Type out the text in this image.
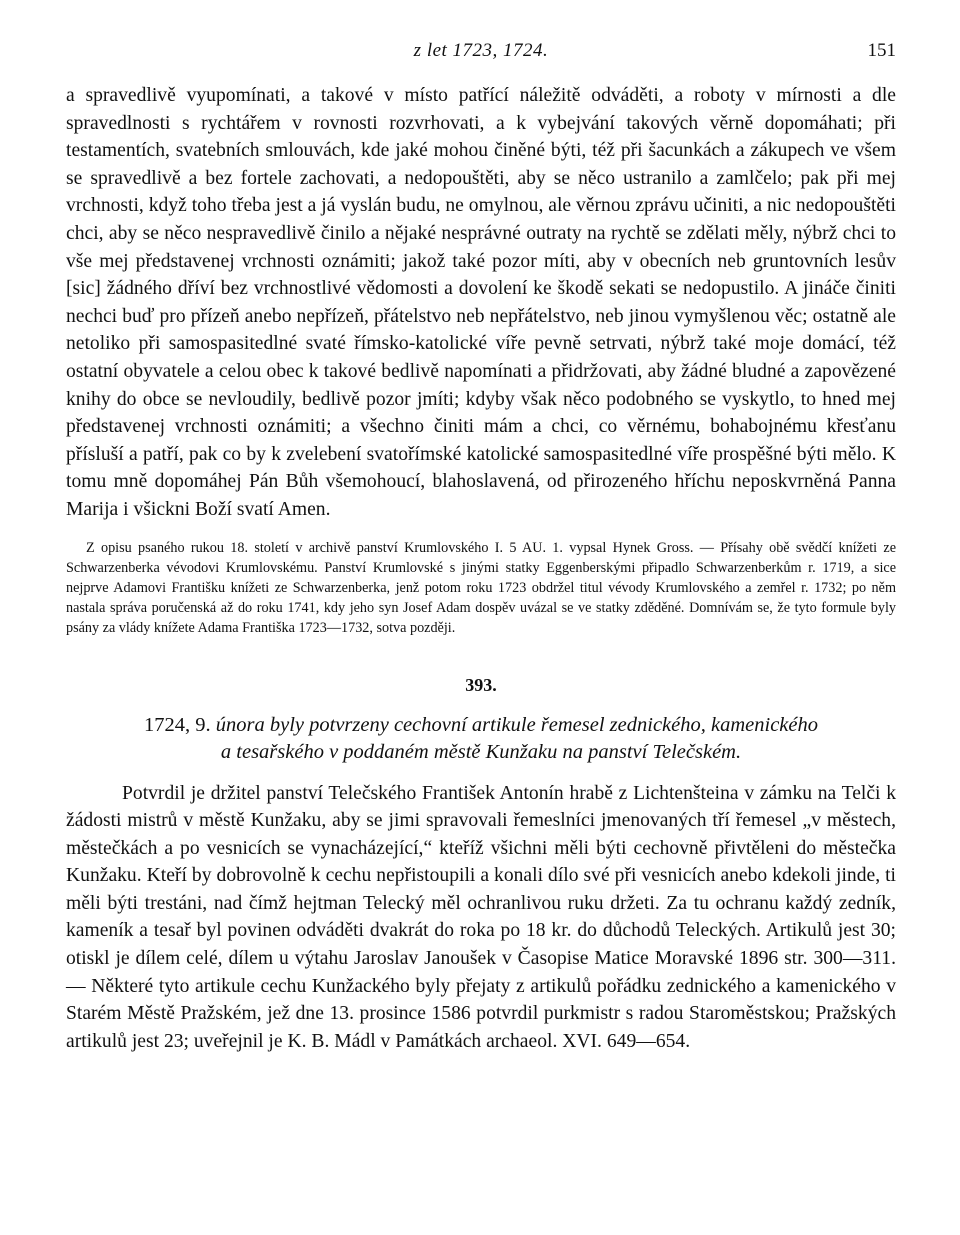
z let 1723, 1724.	151

a spravedlivě vyupomínati, a takové v místo patřící náležitě odváděti, a roboty v mírnosti a dle spravedlnosti s rychtářem v rovnosti rozvrhovati, a k vybejvání takových věrně dopomáhati; při testamentích, svatebních smlouvách, kde jaké mohou činěné býti, též při šacunkách a zákupech ve všem se spravedlivě a bez fortele zachovati, a nedopouštěti, aby se něco ustranilo a zamlčelo; pak při mej vrchnosti, když toho třeba jest a já vyslán budu, ne omylnou, ale věrnou zprávu učiniti, a nic nedopouštěti chci, aby se něco nespravedlivě činilo a nějaké nesprávné outraty na rychtě se zdělati měly, nýbrž chci to vše mej představenej vrchnosti oznámiti; jakož také pozor míti, aby v obecních neb gruntovních lesův [sic] žádného dříví bez vrchnostlivé vědomosti a dovolení ke škodě sekati se nedopustilo. A jináče činiti nechci buď pro přízeň anebo nepřízeň, přátelstvo neb nepřátelstvo, neb jinou vymyšlenou věc; ostatně ale netoliko při samospasitedlné svaté římsko-katolické víře pevně setrvati, nýbrž také moje domácí, též ostatní obyvatele a celou obec k takové bedlivě napomínati a přidržovati, aby žádné bludné a zapovězené knihy do obce se nevloudily, bedlivě pozor jmíti; kdyby však něco podobného se vyskytlo, to hned mej představenej vrchnosti oznámiti; a všechno činiti mám a chci, co věrnému, bohabojnému křesťanu přísluší a patří, pak co by k zvelebení svatořímské katolické samospasitedlné víře prospěšné býti mělo. K tomu mně dopomáhej Pán Bůh všemohoucí, blahoslavená, od přirozeného hříchu neposkvrněná Panna Marija i všickni Boží svatí Amen.

Z opisu psaného rukou 18. století v archivě panství Krumlovského I. 5 AU. 1. vypsal Hynek Gross. — Přísahy obě svědčí knížeti ze Schwarzenberka vévodovi Krumlovskému. Panství Krumlovské s jinými statky Eggenberskými připadlo Schwarzenberkům r. 1719, a sice nejprve Adamovi Františku knížeti ze Schwarzenberka, jenž potom roku 1723 obdržel titul vévody Krumlovského a zemřel r. 1732; po něm nastala správa poručenská až do roku 1741, kdy jeho syn Josef Adam dospěv uvázal se ve statky zděděné. Domnívám se, že tyto formule byly psány za vlády knížete Adama Františka 1723—1732, sotva později.
393.
1724, 9. února byly potvrzeny cechovní artikule řemesel zednického, kamenického
a tesařského v poddaném městě Kunžaku na panství Telečském.
Potvrdil je držitel panství Telečského František Antonín hrabě z Lichtenšteina v zámku na Telči k žádosti mistrů v městě Kunžaku, aby se jimi spravovali řemeslníci jmenovaných tří řemesel „v městech, městečkách a po vesnicích se vynacházející,“ kteříž všichni měli býti cechovně přivtěleni do městečka Kunžaku. Kteří by dobrovolně k cechu nepřistoupili a konali dílo své při vesnicích anebo kdekoli jinde, ti měli býti trestáni, nad čímž hejtman Telecký měl ochranlivou ruku držeti. Za tu ochranu každý zedník, kameník a tesař byl povinen odváděti dvakrát do roka po 18 kr. do důchodů Teleckých. Artikulů jest 30; otiskl je dílem celé, dílem u výtahu Jaroslav Janoušek v Časopise Matice Moravské 1896 str. 300—311. — Některé tyto artikule cechu Kunžackého byly přejaty z artikulů pořádku zednického a kamenického v Starém Městě Pražském, jež dne 13. prosince 1586 potvrdil purkmistr s radou Staroměstskou; Pražských artikulů jest 23; uveřejnil je K. B. Mádl v Památkách archaeol. XVI. 649—654.
